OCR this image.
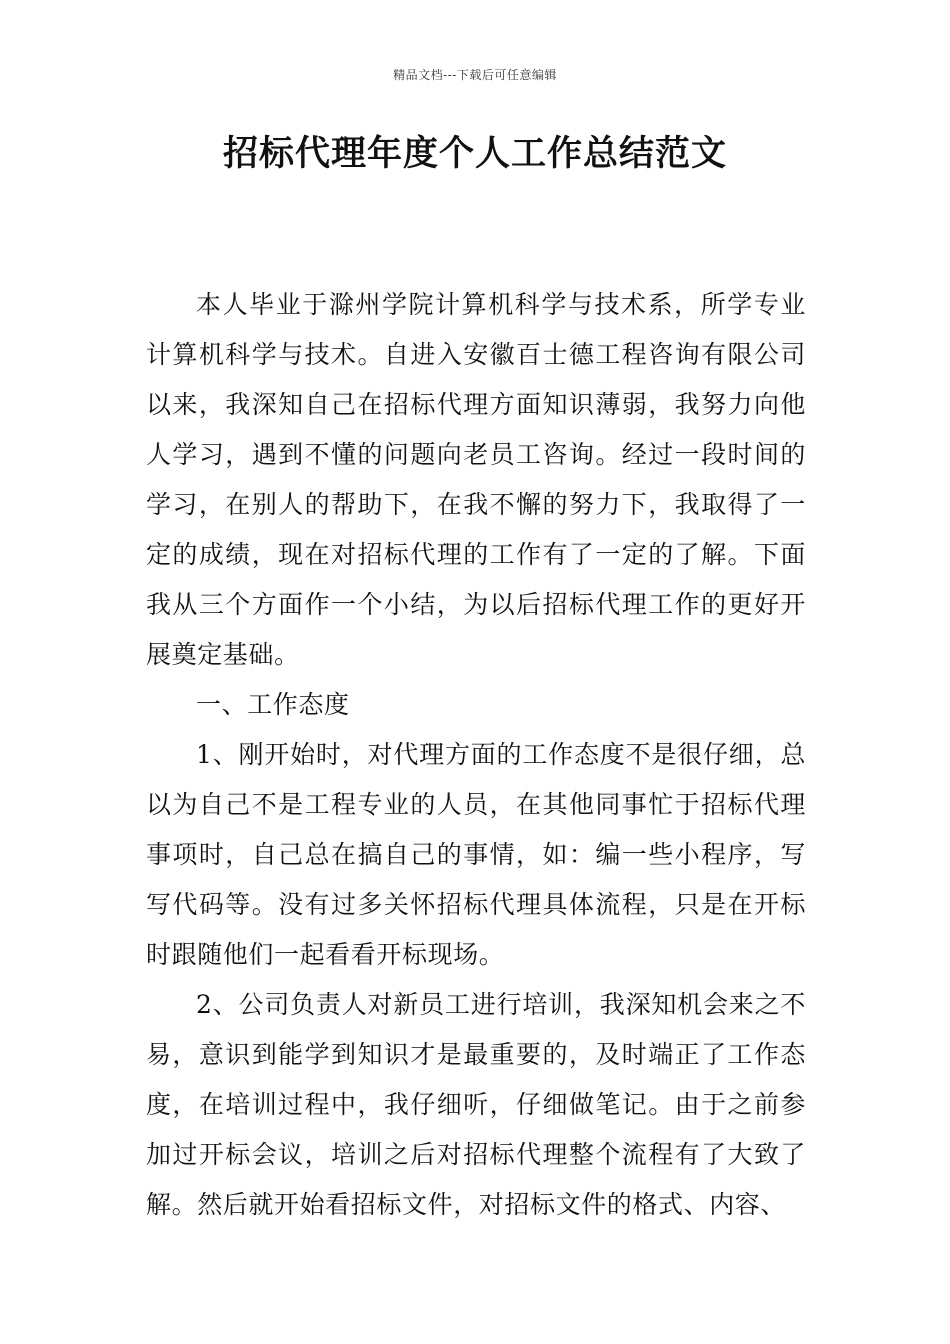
精品文档---下载后可任意编辑
招标代理年度个人工作总结范文

本人毕业于滁州学院计算机科学与技术系，所学专业计算机科学与技术。自进入安徽百士德工程咨询有限公司以来，我深知自己在招标代理方面知识薄弱，我努力向他人学习，遇到不懂的问题向老员工咨询。经过一段时间的学习，在别人的帮助下，在我不懈的努力下，我取得了一定的成绩，现在对招标代理的工作有了一定的了解。下面我从三个方面作一个小结，为以后招标代理工作的更好开展奠定基础。

一、工作态度

1、刚开始时，对代理方面的工作态度不是很仔细，总以为自己不是工程专业的人员，在其他同事忙于招标代理事项时，自己总在搞自己的事情，如：编一些小程序，写写代码等。没有过多关怀招标代理具体流程，只是在开标时跟随他们一起看看开标现场。

2、公司负责人对新员工进行培训，我深知机会来之不易，意识到能学到知识才是最重要的，及时端正了工作态度，在培训过程中，我仔细听，仔细做笔记。由于之前参加过开标会议，培训之后对招标代理整个流程有了大致了解。然后就开始看招标文件，对招标文件的格式、内容、
